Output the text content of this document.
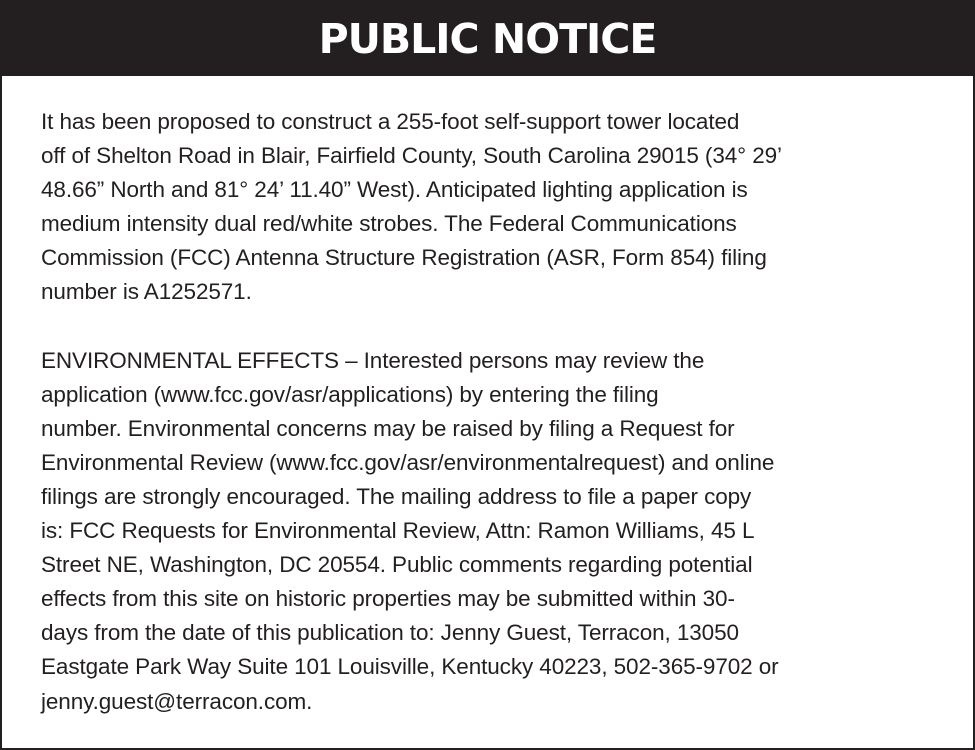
PUBLIC NOTICE

It has been proposed to construct a 255-foot self-support tower located
off of Shelton Road in Blair, Fairfield County, South Carolina 29015 (34° 29’
48.66” North and 81° 24’ 11.40” West). Anticipated lighting application is
medium intensity dual red/white strobes. The Federal Communications
Commission (FCC) Antenna Structure Registration (ASR, Form 854) filing
number is A1252571.

ENVIRONMENTAL EFFECTS – Interested persons may review the
application (www.fcc.gov/asr/applications) by entering the filing
number. Environmental concerns may be raised by filing a Request for
Environmental Review (www.fcc.gov/asr/environmentalrequest) and online
filings are strongly encouraged. The mailing address to file a paper copy
is: FCC Requests for Environmental Review, Attn: Ramon Williams, 45 L
Street NE, Washington, DC 20554. Public comments regarding potential
effects from this site on historic properties may be submitted within 30-
days from the date of this publication to: Jenny Guest, Terracon, 13050
Eastgate Park Way Suite 101 Louisville, Kentucky 40223, 502-365-9702 or
jenny.guest@terracon.com.
